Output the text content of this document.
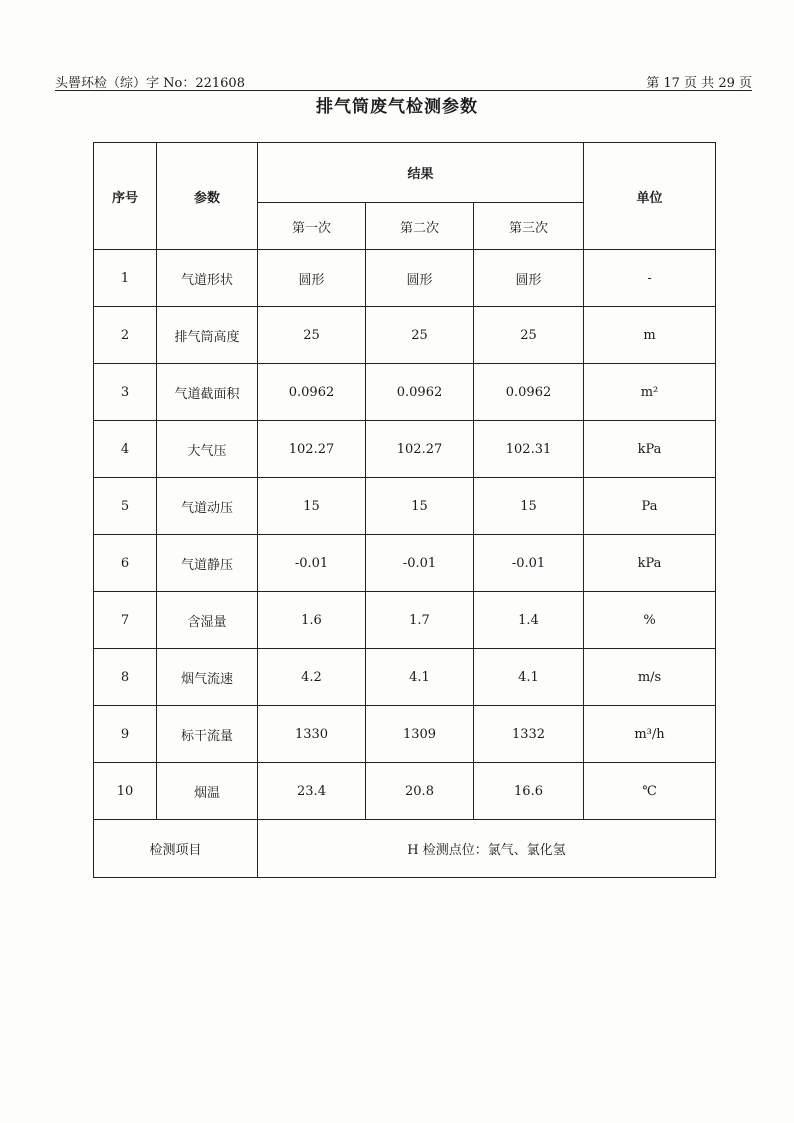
头罾环检（综）字 No：221608	第 17 页 共 29 页
排气筒废气检测参数
序号	参数	结果			单位
		第一次	第二次	第三次	
1	气道形状	圆形	圆形	圆形	-
2	排气筒高度	25	25	25	m
3	气道截面积	0.0962	0.0962	0.0962	m²
4	大气压	102.27	102.27	102.31	kPa
5	气道动压	15	15	15	Pa
6	气道静压	-0.01	-0.01	-0.01	kPa
7	含湿量	1.6	1.7	1.4	%
8	烟气流速	4.2	4.1	4.1	m/s
9	标干流量	1330	1309	1332	m³/h
10	烟温	23.4	20.8	16.6	℃
检测项目		H 检测点位：氯气、氯化氢			
